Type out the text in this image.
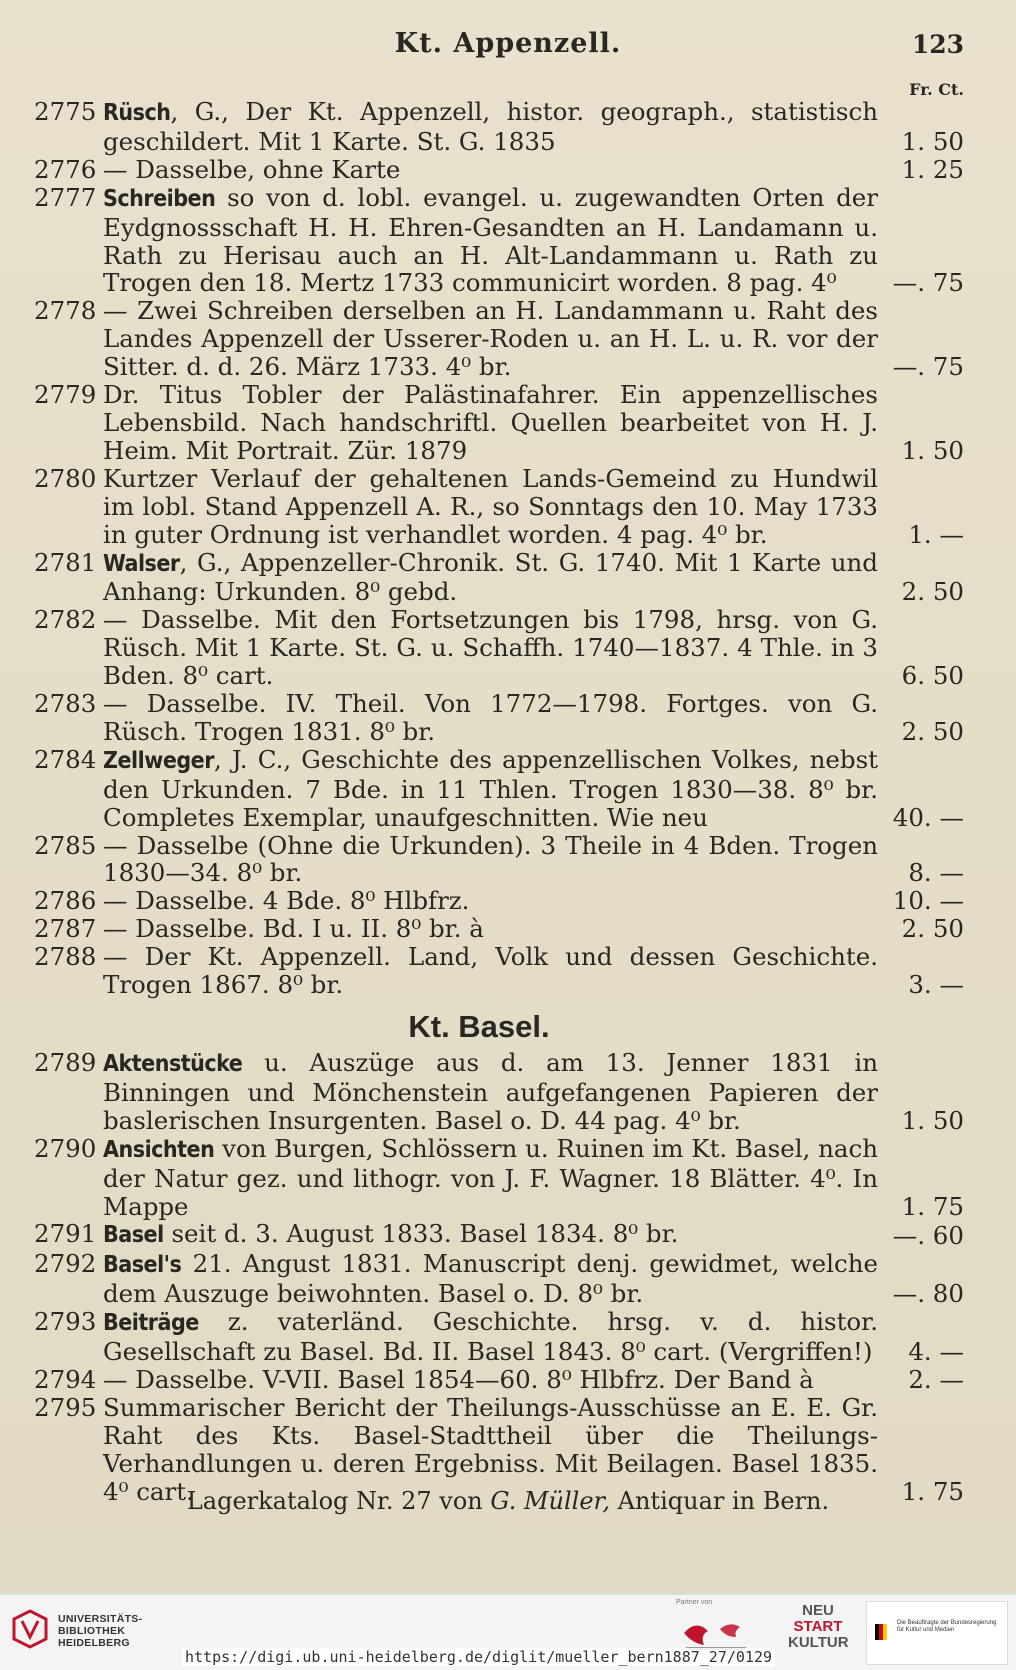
Kt. Appenzell.	123
Fr. Ct.
2775 Rüsch, G., Der Kt. Appenzell, histor. geograph., statistisch geschildert. Mit 1 Karte. St. G. 1835	1. 50
2776 — Dasselbe, ohne Karte	1. 25
2777 Schreiben so von d. lobl. evangel. u. zugewandten Orten der Eydgnossschaft H. H. Ehren-Gesandten an H. Landamann u. Rath zu Herisau auch an H. Alt-Landammann u. Rath zu Trogen den 18. Mertz 1733 communicirt worden. 8 pag. 4⁰	—. 75
2778 — Zwei Schreiben derselben an H. Landammann u. Raht des Landes Appenzell der Usserer-Roden u. an H. L. u. R. vor der Sitter. d. d. 26. März 1733. 4⁰ br.	—. 75
2779 Dr. Titus Tobler der Palästinafahrer. Ein appenzellisches Lebensbild. Nach handschriftl. Quellen bearbeitet von H. J. Heim. Mit Portrait. Zür. 1879	1. 50
2780 Kurtzer Verlauf der gehaltenen Lands-Gemeind zu Hundwil im lobl. Stand Appenzell A. R., so Sonntags den 10. May 1733 in guter Ordnung ist verhandlet worden. 4 pag. 4⁰ br.	1. —
2781 Walser, G., Appenzeller-Chronik. St. G. 1740. Mit 1 Karte und Anhang: Urkunden. 8⁰ gebd.	2. 50
2782 — Dasselbe. Mit den Fortsetzungen bis 1798, hrsg. von G. Rüsch. Mit 1 Karte. St. G. u. Schaffh. 1740—1837. 4 Thle. in 3 Bden. 8⁰ cart.	6. 50
2783 — Dasselbe. IV. Theil. Von 1772—1798. Fortges. von G. Rüsch. Trogen 1831. 8⁰ br.	2. 50
2784 Zellweger, J. C., Geschichte des appenzellischen Volkes, nebst den Urkunden. 7 Bde. in 11 Thlen. Trogen 1830—38. 8⁰ br. Completes Exemplar, unaufgeschnitten. Wie neu	40. —
2785 — Dasselbe (Ohne die Urkunden). 3 Theile in 4 Bden. Trogen 1830—34. 8⁰ br.	8. —
2786 — Dasselbe. 4 Bde. 8⁰ Hlbfrz.	10. —
2787 — Dasselbe. Bd. I u. II. 8⁰ br. à	2. 50
2788 — Der Kt. Appenzell. Land, Volk und dessen Geschichte. Trogen 1867. 8⁰ br.	3. —
Kt. Basel.
2789 Aktenstücke u. Auszüge aus d. am 13. Jenner 1831 in Binningen und Mönchenstein aufgefangenen Papieren der baslerischen Insurgenten. Basel o. D. 44 pag. 4⁰ br.	1. 50
2790 Ansichten von Burgen, Schlössern u. Ruinen im Kt. Basel, nach der Natur gez. und lithogr. von J. F. Wagner. 18 Blätter. 4⁰. In Mappe	1. 75
2791 Basel seit d. 3. August 1833. Basel 1834. 8⁰ br.	—. 60
2792 Basel's 21. Angust 1831. Manuscript denj. gewidmet, welche dem Auszuge beiwohnten. Basel o. D. 8⁰ br.	—. 80
2793 Beiträge z. vaterländ. Geschichte. hrsg. v. d. histor. Gesellschaft zu Basel. Bd. II. Basel 1843. 8⁰ cart. (Vergriffen!)	4. —
2794 — Dasselbe. V-VII. Basel 1854—60. 8⁰ Hlbfrz. Der Band à	2. —
2795 Summarischer Bericht der Theilungs-Ausschüsse an E. E. Gr. Raht des Kts. Basel-Stadttheil über die Theilungs-Verhandlungen u. deren Ergebniss. Mit Beilagen. Basel 1835. 4⁰ cart.	1. 75
Lagerkatalog Nr. 27 von G. Müller, Antiquar in Bern.
UNIVERSITÄTS-
BIBLIOTHEK
HEIDELBERG
Partner von	NEU
START
KULTUR
Die Beauftragte der Bundesregierung für Kultur und Medien
https://digi.ub.uni-heidelberg.de/diglit/mueller_bern1887_27/0129
